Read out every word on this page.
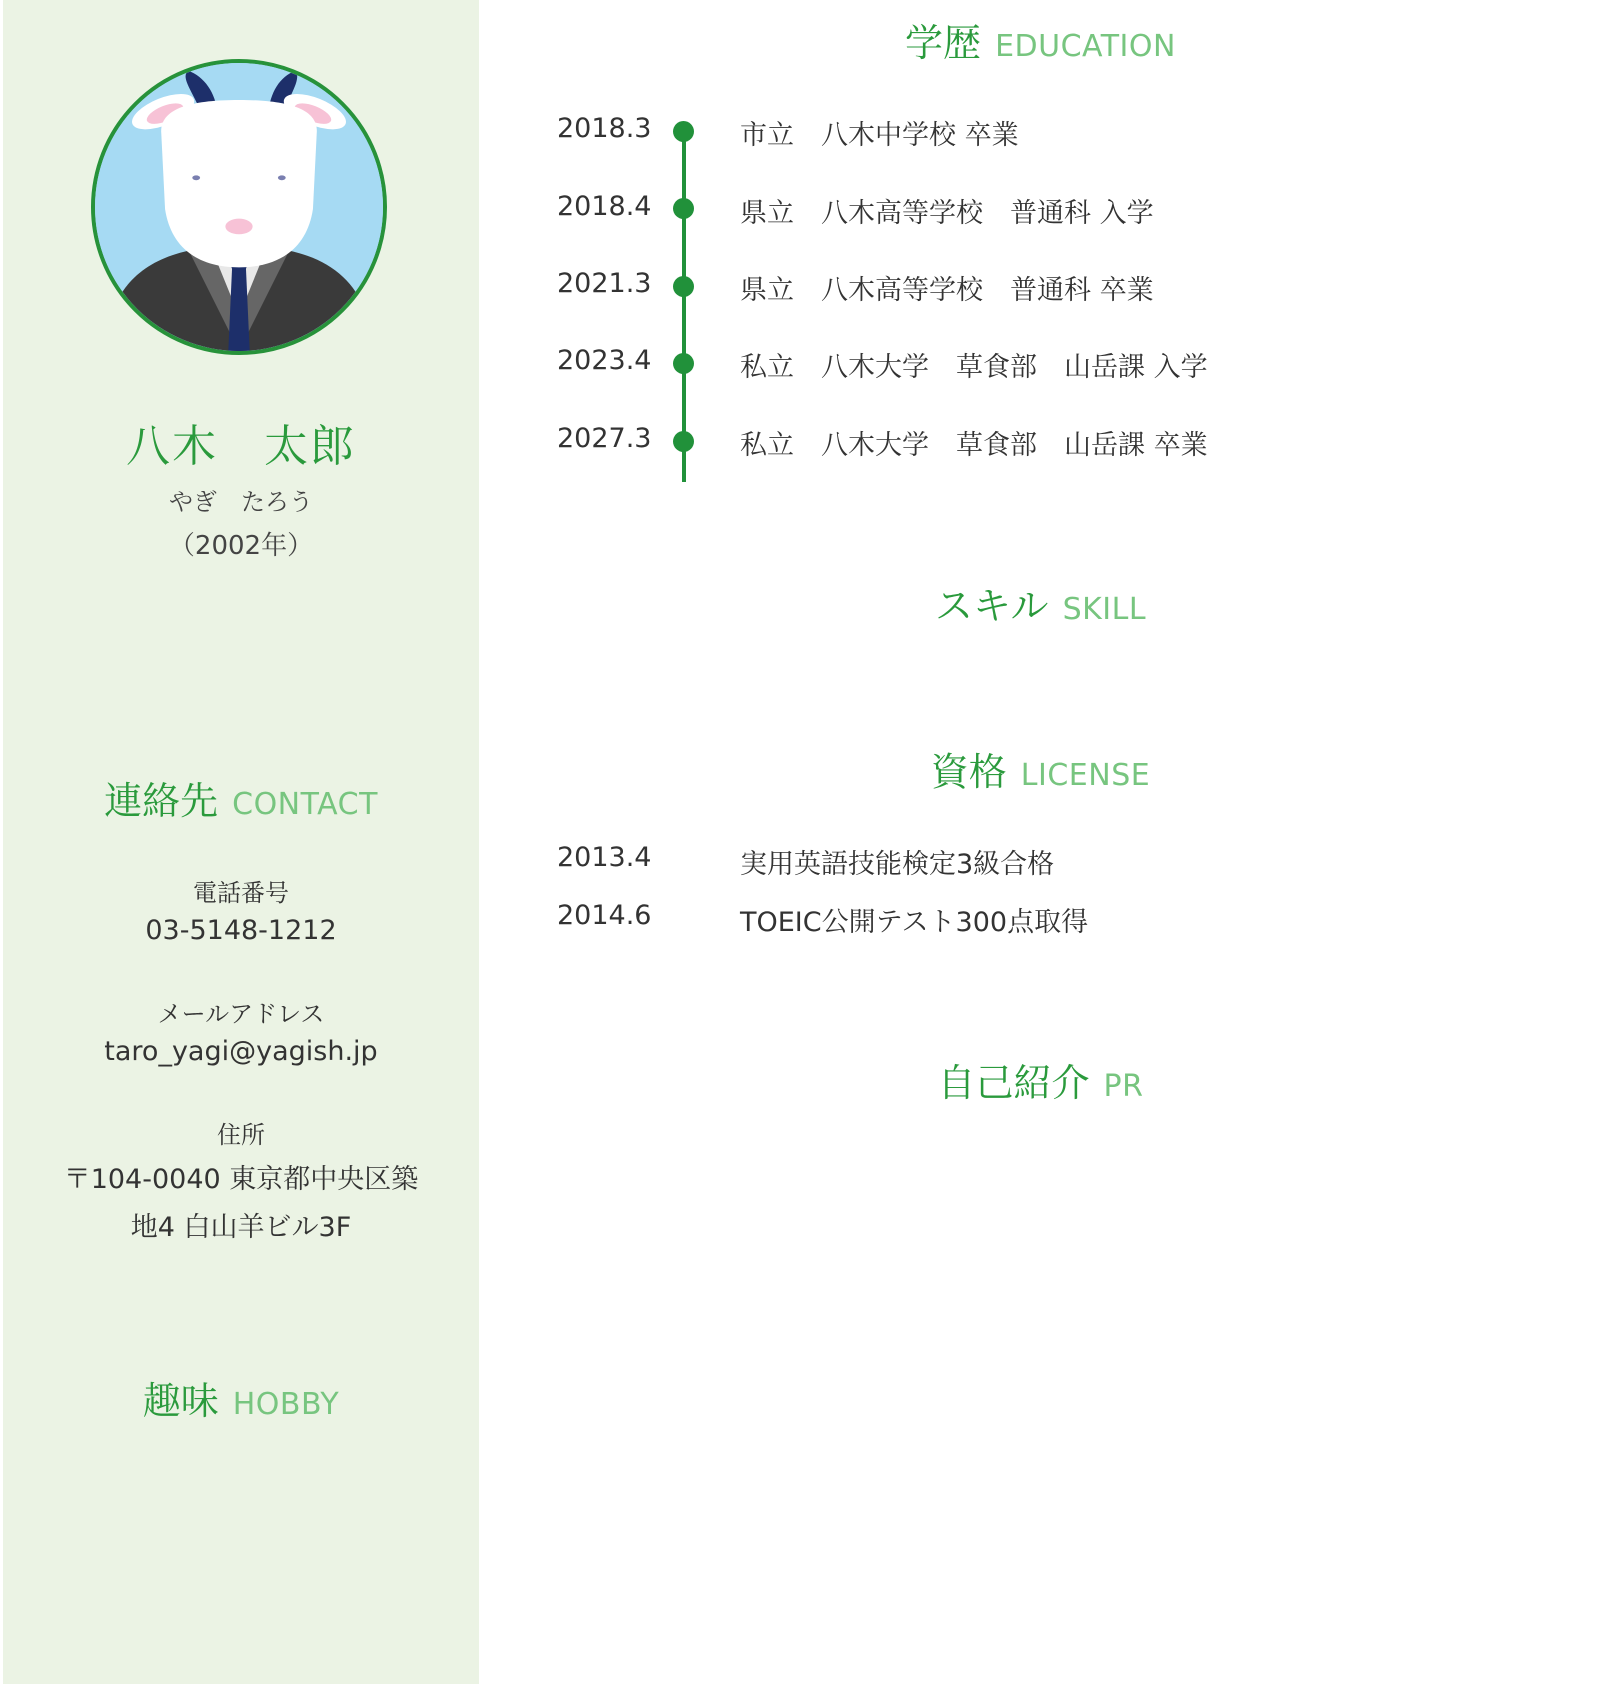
八木　太郎
やぎ　たろう
（2002年）
連絡先 CONTACT
電話番号
03-5148-1212
メールアドレス
taro_yagi@yagish.jp
住所
〒104-0040 東京都中央区築
地4 白山羊ビル3F
趣味 HOBBY
学歴 EDUCATION
2018.3	市立　八木中学校 卒業
2018.4	県立　八木高等学校　普通科 入学
2021.3	県立　八木高等学校　普通科 卒業
2023.4	私立　八木大学　草食部　山岳課 入学
2027.3	私立　八木大学　草食部　山岳課 卒業
スキル SKILL
資格 LICENSE
2013.4	実用英語技能検定3級合格
2014.6	TOEIC公開テスト300点取得
自己紹介 PR
